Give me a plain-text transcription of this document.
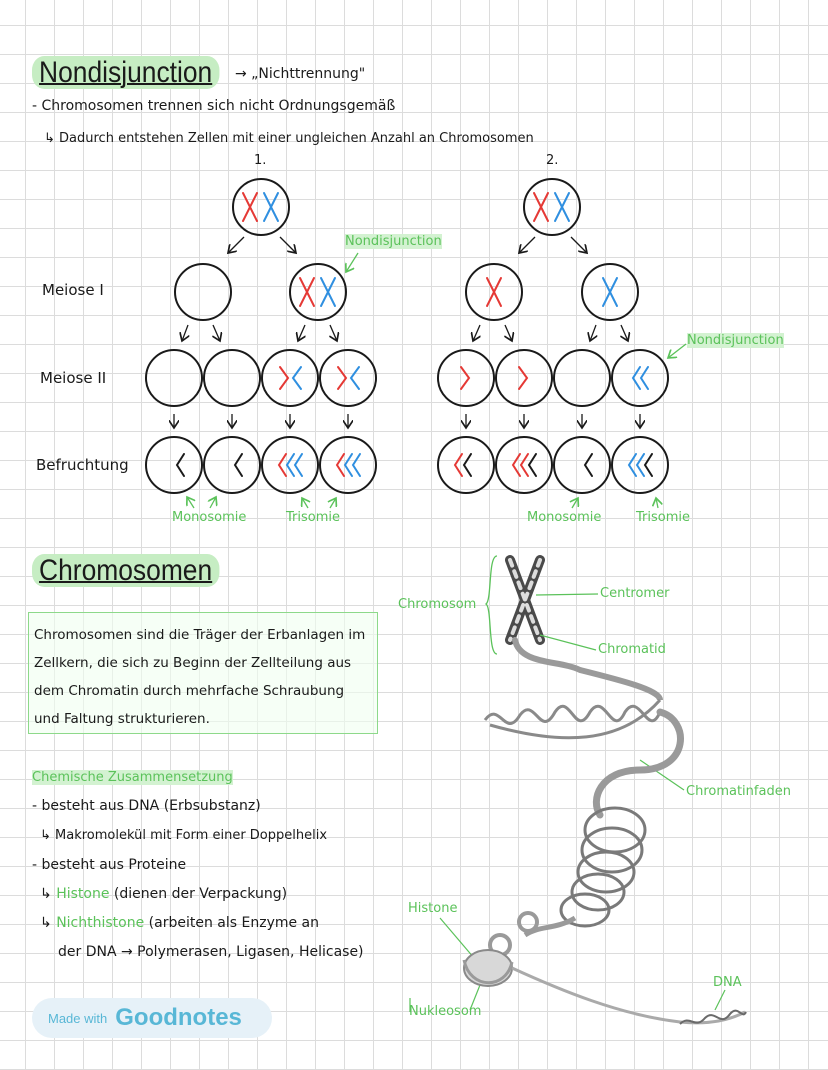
Nondisjunction	→ „Nichttrennung"
- Chromosomen trennen sich nicht Ordnungsgemäß
↳ Dadurch entstehen Zellen mit einer ungleichen Anzahl an Chromosomen
1.	2.
Meiose I
Meiose II
Befruchtung
Nondisjunction
Nondisjunction
Monosomie	Trisomie	Monosomie	Trisomie
Chromosomen
Chromosomen sind die Träger der Erbanlagen im Zellkern, die sich zu Beginn der Zellteilung aus dem Chromatin durch mehrfache Schraubung und Faltung strukturieren.
Chemische Zusammensetzung
- besteht aus DNA (Erbsubstanz)
↳ Makromolekül mit Form einer Doppelhelix
- besteht aus Proteine
↳ Histone (dienen der Verpackung)
↳ Nichthistone (arbeiten als Enzyme an
der DNA → Polymerasen, Ligasen, Helicase)
Chromosom
Centromer
Chromatid
Chromatinfaden
Histone
Nukleosom
DNA
Made with Goodnotes
